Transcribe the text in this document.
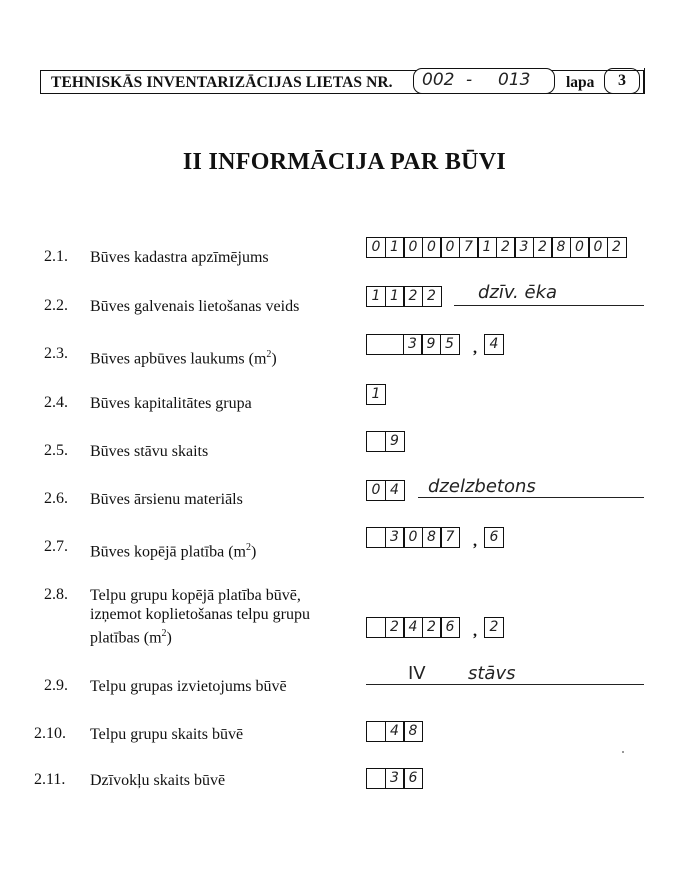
TEHNISKĀS INVENTARIZĀCIJAS LIETAS NR. 002 - 013 lapa	3
II INFORMĀCIJA PAR BŪVI
2.1. Būves kadastra apzīmējums
0 1 0 0 0 7 1 2 3 2 8 0 0 2
2.2. Būves galvenais lietošanas veids
1 1 2 2	dzīv. ēka
2.3. Būves apbūves laukums $(m^2)$
3 9 5	, 4
2.4. Būves kapitalitātes grupa
1
2.5. Būves stāvu skaits
9
2.6. Būves ārsienu materiāls
0 4	dzelzbetons
2.7. Būves kopējā platība $(m^2)$
3 0 8 7	, 6
2.8. Telpu grupu kopējā platība būvē,
izņemot koplietošanas telpu grupu
platības $(m^2)$
2 4 2 6	, 2
2.9. Telpu grupas izvietojums būvē
IV stāvs
2.10. Telpu grupu skaits būvē	4 8
2.11. Dzīvokļu skaits būvē	3 6
